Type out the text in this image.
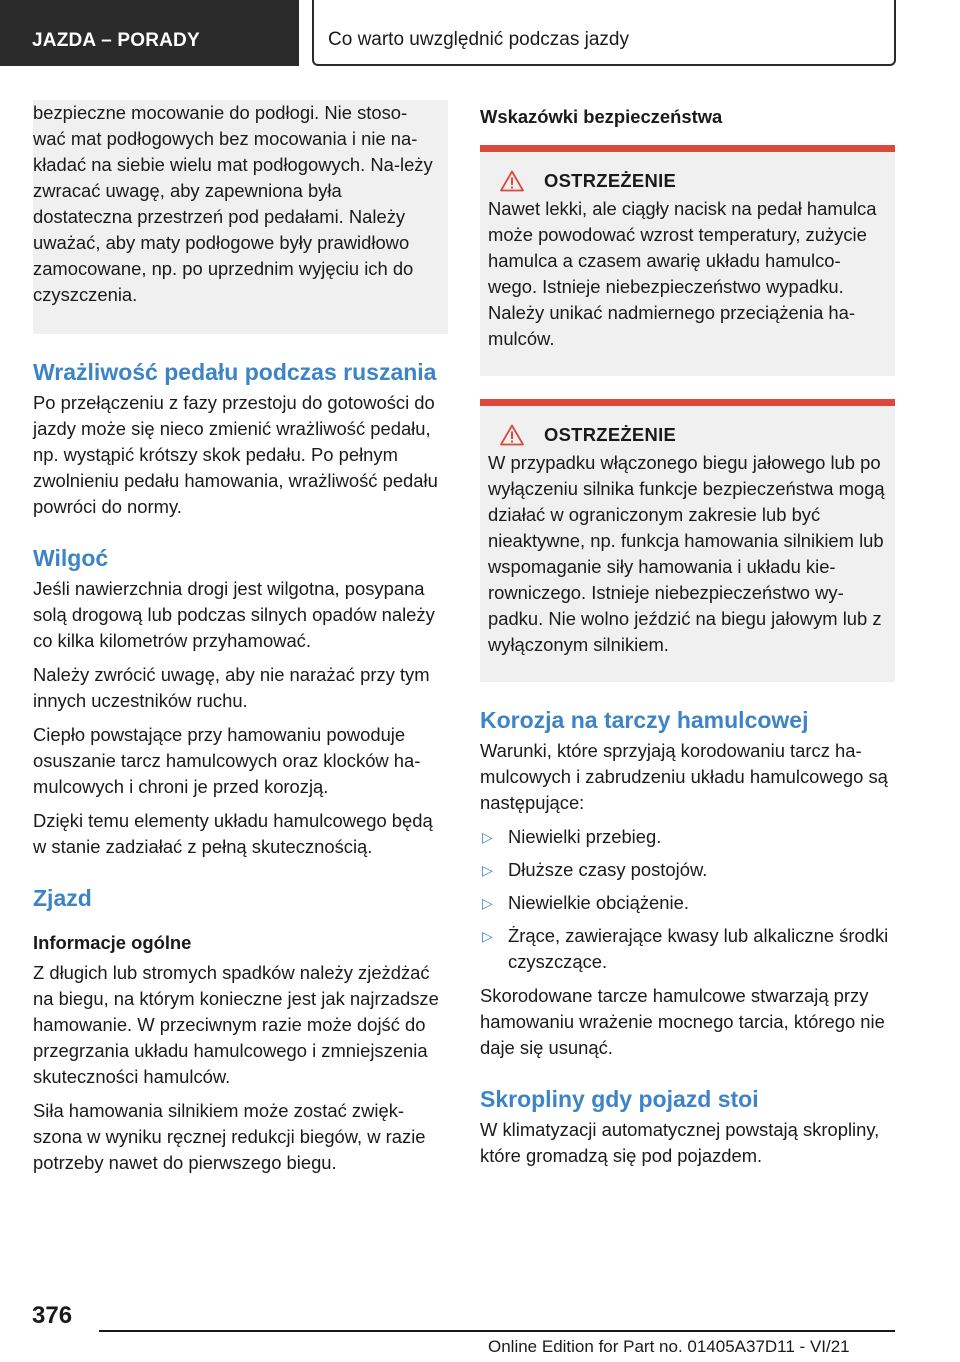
JAZDA – PORADY	Co warto uwzględnić podczas jazdy

bezpieczne mocowanie do podłogi. Nie stoso‐wać mat podłogowych bez mocowania i nie na‐kładać na siebie wielu mat podłogowych. Na‐leży zwracać uwagę, aby zapewniona była dostateczna przestrzeń pod pedałami. Należy uważać, aby maty podłogowe były prawidłowo zamocowane, np. po uprzednim wyjęciu ich do czyszczenia.

Wrażliwość pedału podczas ruszania

Po przełączeniu z fazy przestoju do gotowości do jazdy może się nieco zmienić wrażliwość pedału, np. wystąpić krótszy skok pedału. Po pełnym zwolnieniu pedału hamowania, wrażliwość pedału powróci do normy.

Wilgoć

Jeśli nawierzchnia drogi jest wilgotna, posypana solą drogową lub podczas silnych opadów należy co kilka kilometrów przyhamować.

Należy zwrócić uwagę, aby nie narażać przy tym innych uczestników ruchu.

Ciepło powstające przy hamowaniu powoduje osuszanie tarcz hamulcowych oraz klocków ha‐mulcowych i chroni je przed korozją.

Dzięki temu elementy układu hamulcowego będą w stanie zadziałać z pełną skutecznością.

Zjazd
Informacje ogólne

Z długich lub stromych spadków należy zjeżdżać na biegu, na którym konieczne jest jak najrzadsze hamowanie. W przeciwnym razie może dojść do przegrzania układu hamulcowego i zmniejszenia skuteczności hamulców.

Siła hamowania silnikiem może zostać zwięk‐szona w wyniku ręcznej redukcji biegów, w razie potrzeby nawet do pierwszego biegu.

Wskazówki bezpieczeństwa
OSTRZEŻENIE

Nawet lekki, ale ciągły nacisk na pedał hamulca może powodować wzrost temperatury, zużycie hamulca a czasem awarię układu hamulco‐wego. Istnieje niebezpieczeństwo wypadku. Należy unikać nadmiernego przeciążenia ha‐mulców.

OSTRZEŻENIE

W przypadku włączonego biegu jałowego lub po wyłączeniu silnika funkcje bezpieczeństwa mogą działać w ograniczonym zakresie lub być nieaktywne, np. funkcja hamowania silnikiem lub wspomaganie siły hamowania i układu kie‐rowniczego. Istnieje niebezpieczeństwo wy‐padku. Nie wolno jeździć na biegu jałowym lub z wyłączonym silnikiem.

Korozja na tarczy hamulcowej

Warunki, które sprzyjają korodowaniu tarcz ha‐mulcowych i zabrudzeniu układu hamulcowego są następujące:

▷ Niewielki przebieg.
▷ Dłuższe czasy postojów.
▷ Niewielkie obciążenie.
▷ Żrące, zawierające kwasy lub alkaliczne środki czyszczące.

Skorodowane tarcze hamulcowe stwarzają przy hamowaniu wrażenie mocnego tarcia, którego nie daje się usunąć.

Skropliny gdy pojazd stoi

W klimatyzacji automatycznej powstają skropliny, które gromadzą się pod pojazdem.

376
Online Edition for Part no. 01405A37D11 - VI/21
